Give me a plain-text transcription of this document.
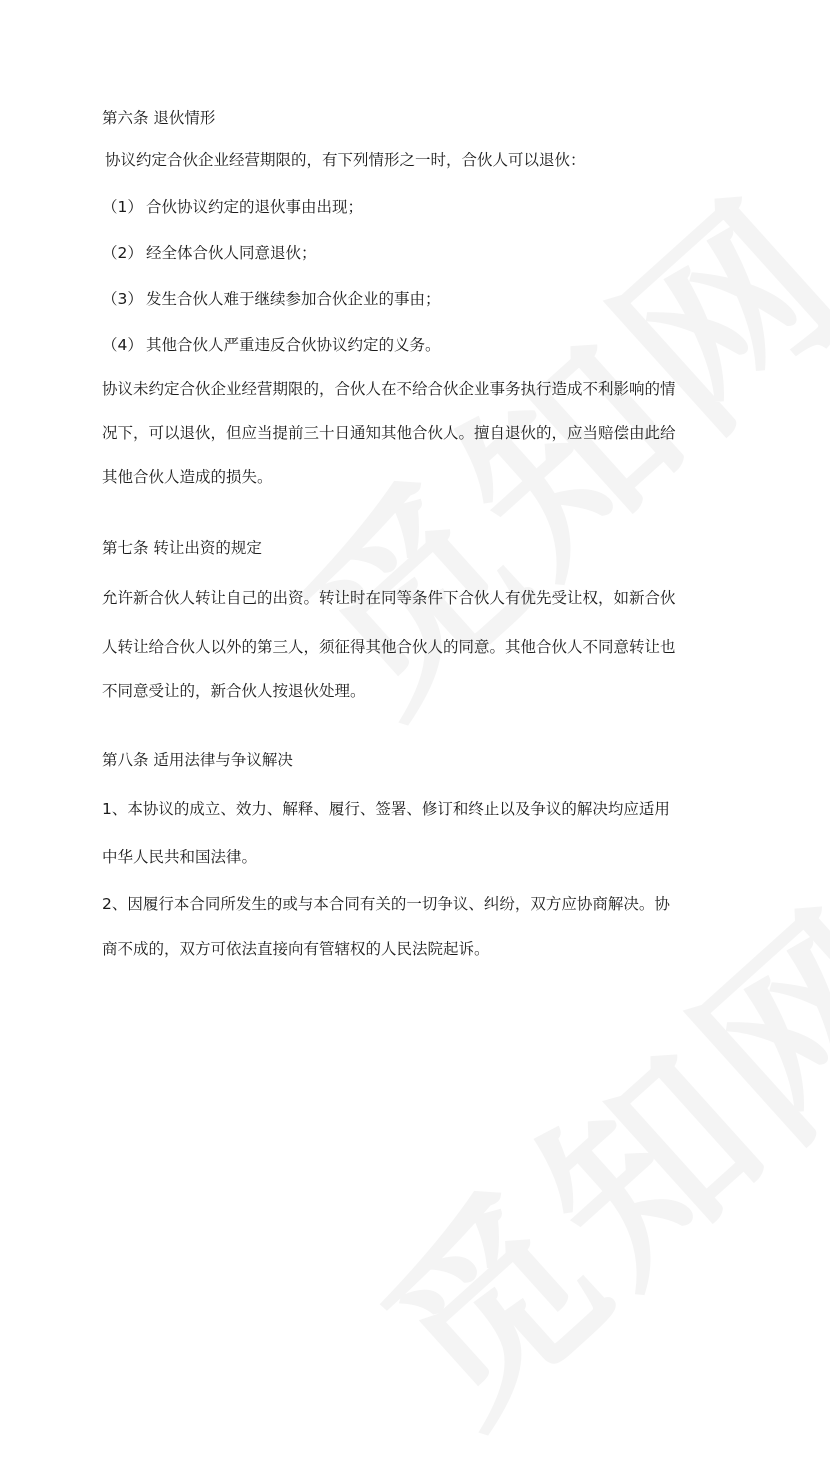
第六条 退伙情形
协议约定合伙企业经营期限的，有下列情形之一时，合伙人可以退伙：
（1） 合伙协议约定的退伙事由出现；
（2） 经全体合伙人同意退伙；
（3） 发生合伙人难于继续参加合伙企业的事由；
（4） 其他合伙人严重违反合伙协议约定的义务。
协议未约定合伙企业经营期限的，合伙人在不给合伙企业事务执行造成不利影响的情
况下，可以退伙，但应当提前三十日通知其他合伙人。擅自退伙的，应当赔偿由此给
其他合伙人造成的损失。
第七条 转让出资的规定
允许新合伙人转让自己的出资。转让时在同等条件下合伙人有优先受让权，如新合伙
人转让给合伙人以外的第三人，须征得其他合伙人的同意。其他合伙人不同意转让也
不同意受让的，新合伙人按退伙处理。
第八条 适用法律与争议解决
1、本协议的成立、效力、解释、履行、签署、修订和终止以及争议的解决均应适用
中华人民共和国法律。
2、因履行本合同所发生的或与本合同有关的一切争议、纠纷，双方应协商解决。协
商不成的，双方可依法直接向有管辖权的人民法院起诉。
